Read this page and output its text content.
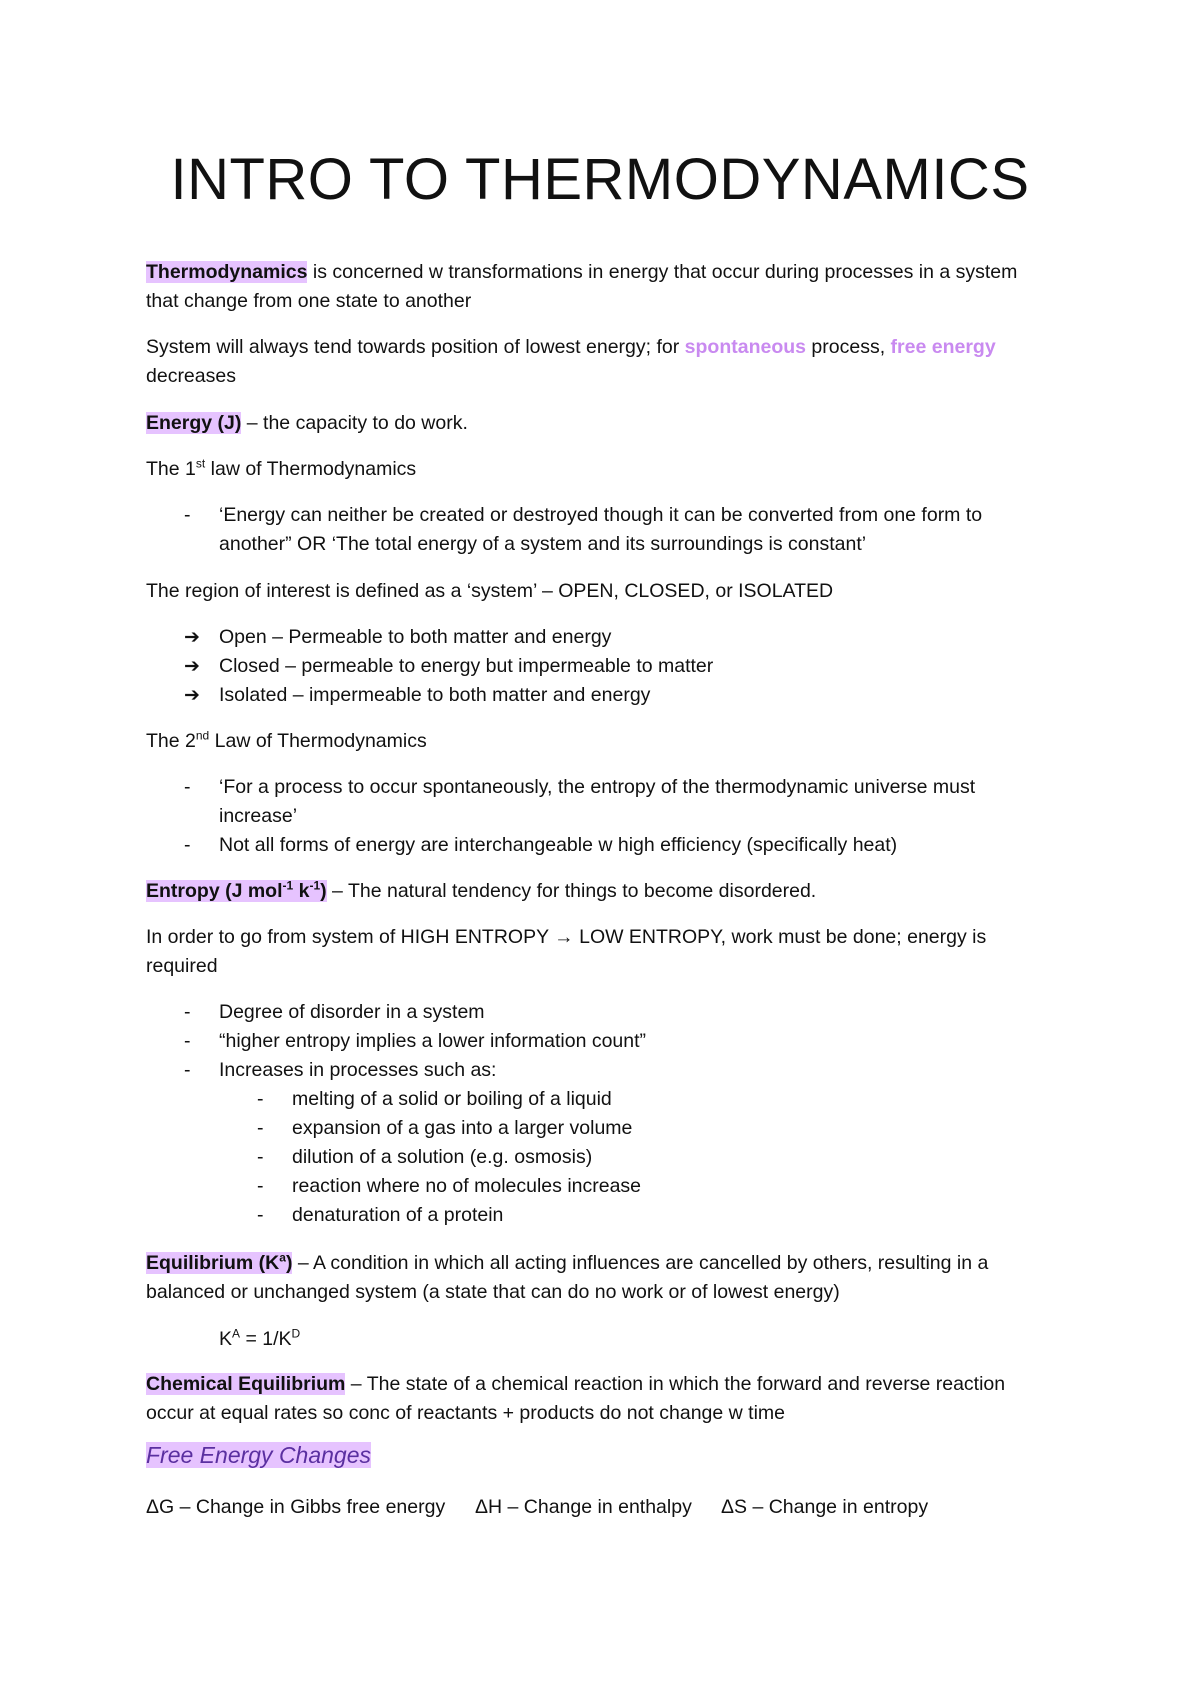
INTRO TO THERMODYNAMICS
Thermodynamics is concerned w transformations in energy that occur during processes in a system
that change from one state to another
System will always tend towards position of lowest energy; for spontaneous process, free energy
decreases
Energy (J) – the capacity to do work.
The 1st law of Thermodynamics
- ‘Energy can neither be created or destroyed though it can be converted from one form to
another” OR ‘The total energy of a system and its surroundings is constant’
The region of interest is defined as a ‘system’ – OPEN, CLOSED, or ISOLATED
➔ Open – Permeable to both matter and energy
➔ Closed – permeable to energy but impermeable to matter
➔ Isolated – impermeable to both matter and energy
The 2nd Law of Thermodynamics
- ‘For a process to occur spontaneously, the entropy of the thermodynamic universe must
increase’
- Not all forms of energy are interchangeable w high efficiency (specifically heat)
Entropy (J mol$^{-1}$ $k^{-1}$) – The natural tendency for things to become disordered.
In order to go from system of HIGH ENTROPY → LOW ENTROPY, work must be done; energy is
required
- Degree of disorder in a system
- “higher entropy implies a lower information count”
- Increases in processes such as:
- melting of a solid or boiling of a liquid
- expansion of a gas into a larger volume
- dilution of a solution (e.g. osmosis)
- reaction where no of molecules increase
- denaturation of a protein
Equilibrium $(K^a)$ – A condition in which all acting influences are cancelled by others, resulting in a
balanced or unchanged system (a state that can do no work or of lowest energy)
$K^A = 1/K^D$
Chemical Equilibrium – The state of a chemical reaction in which the forward and reverse reaction
occur at equal rates so conc of reactants + products do not change w time
Free Energy Changes
ΔG – Change in Gibbs free energy ΔH – Change in enthalpy ΔS – Change in entropy
